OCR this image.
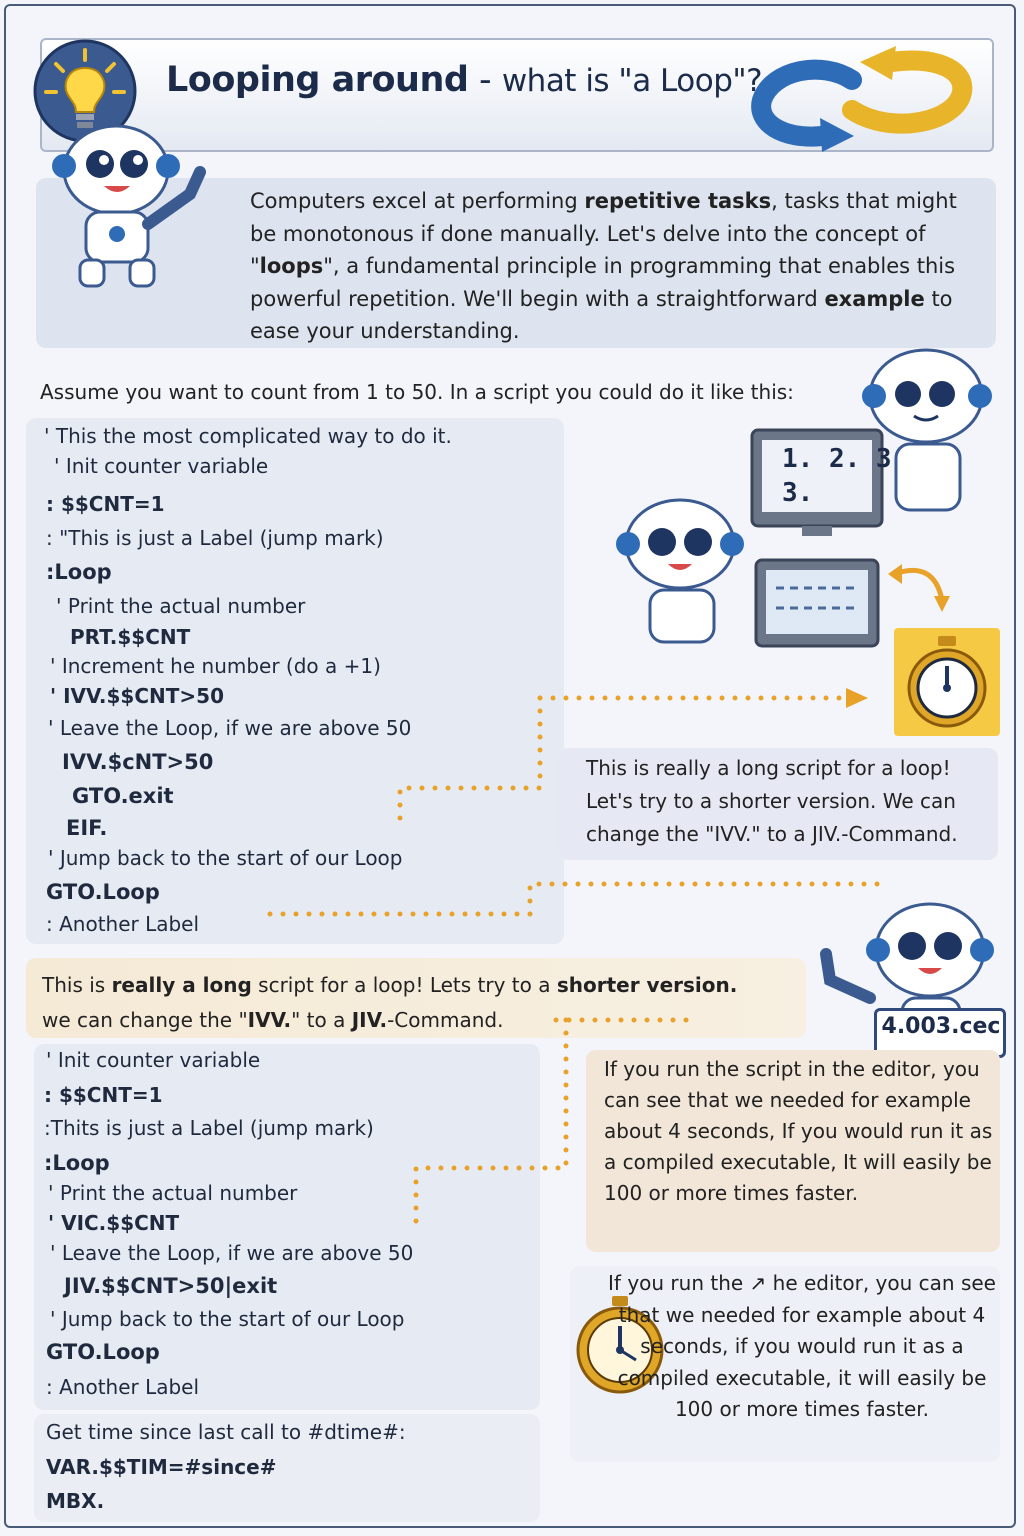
Looping around - what is "a Loop"?
Computers excel at performing repetitive tasks, tasks that might be monotonous if done manually. Let's delve into the concept of "loops", a fundamental principle in programming that enables this powerful repetition. We'll begin with a straightforward example to ease your understanding.
Assume you want to count from 1 to 50. In a script you could do it like this:
1. 2. 3
3.
' This the most complicated way to do it.
' Init counter variable
: $$CNT=1
: "This is just a Label (jump mark)
:Loop
' Print the actual number
PRT.$$CNT
' Increment he number (do a +1)
' IVV.$$CNT>50
' Leave the Loop, if we are above 50
IVV.$cNT>50
GTO.exit
EIF.
' Jump back to the start of our Loop
GTO.Loop
: Another Label
This is really a long script for a loop! Let's try to a shorter version. We can change the "IVV." to a JIV.-Command.
This is really a long script for a loop! Lets try to a shorter version.
we can change the "IVV." to a JIV.-Command.	4.003.cec
' Init counter variable
: $$CNT=1
:Thits is just a Label (jump mark)
:Loop
' Print the actual number
' VIC.$$CNT
' Leave the Loop, if we are above 50
JIV.$$CNT>50|exit
' Jump back to the start of our Loop
GTO.Loop
: Another Label
If you run the script in the editor, you can see that we needed for example about 4 seconds, If you would run it as a compiled executable, It will easily be 100 or more times faster.
If you run the ↗ he editor, you can see that we needed for example about 4 seconds, if you would run it as a compiled executable, it will easily be 100 or more times faster.
Get time since last call to #dtime#:
VAR.$$TIM=#since#
MBX.
